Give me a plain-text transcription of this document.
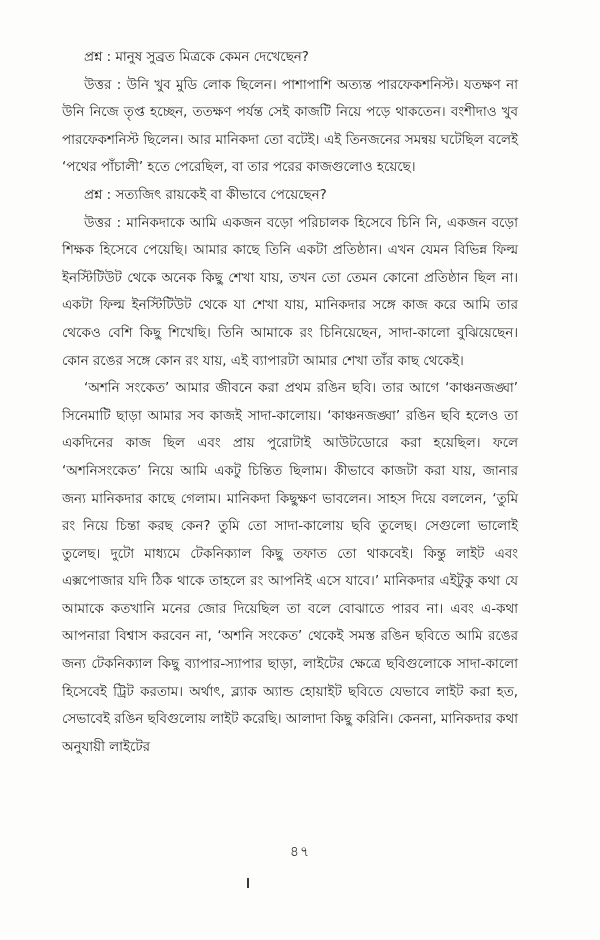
প্রশ্ন : মানুষ সুব্রত মিত্রকে কেমন দেখেছেন?

উত্তর : উনি খুব মুডি লোক ছিলেন। পাশাপাশি অত্যন্ত পারফেকশনিস্ট। যতক্ষণ না উনি নিজে তৃপ্ত হচ্ছেন, ততক্ষণ পর্যন্ত সেই কাজটি নিয়ে পড়ে থাকতেন। বংশীদাও খুব পারফেকশনিস্ট ছিলেন। আর মানিকদা তো বটেই। এই তিনজনের সমন্বয় ঘটেছিল বলেই ‘পথের পাঁচালী’ হতে পেরেছিল, বা তার পরের কাজগুলোও হয়েছে।

প্রশ্ন : সত্যজিৎ রায়কেই বা কীভাবে পেয়েছেন?

উত্তর : মানিকদাকে আমি একজন বড়ো পরিচালক হিসেবে চিনি নি, একজন বড়ো শিক্ষক হিসেবে পেয়েছি। আমার কাছে তিনি একটা প্রতিষ্ঠান। এখন যেমন বিভিন্ন ফিল্ম ইনস্টিটিউট থেকে অনেক কিছু শেখা যায়, তখন তো তেমন কোনো প্রতিষ্ঠান ছিল না। একটা ফিল্ম ইনস্টিটিউট থেকে যা শেখা যায়, মানিকদার সঙ্গে কাজ করে আমি তার থেকেও বেশি কিছু শিখেছি। তিনি আমাকে রং চিনিয়েছেন, সাদা-কালো বুঝিয়েছেন। কোন রঙের সঙ্গে কোন রং যায়, এই ব্যাপারটা আমার শেখা তাঁর কাছ থেকেই।

‘অশনি সংকেত’ আমার জীবনে করা প্রথম রঙিন ছবি। তার আগে ‘কাঞ্চনজঙ্ঘা’ সিনেমাটি ছাড়া আমার সব কাজই সাদা-কালোয়। ‘কাঞ্চনজঙ্ঘা’ রঙিন ছবি হলেও তা একদিনের কাজ ছিল এবং প্রায় পুরোটাই আউটডোরে করা হয়েছিল। ফলে ‘অশনিসংকেত’ নিয়ে আমি একটু চিন্তিত ছিলাম। কীভাবে কাজটা করা যায়, জানার জন্য মানিকদার কাছে গেলাম। মানিকদা কিছুক্ষণ ভাবলেন। সাহস দিয়ে বললেন, ‘তুমি রং নিয়ে চিন্তা করছ কেন? তুমি তো সাদা-কালোয় ছবি তুলেছ। সেগুলো ভালোই তুলেছ। দুটো মাধ্যমে টেকনিক্যাল কিছু তফাত তো থাকবেই। কিন্তু লাইট এবং এক্সপোজার যদি ঠিক থাকে তাহলে রং আপনিই এসে যাবে।’ মানিকদার এইটুকু কথা যে আমাকে কতখানি মনের জোর দিয়েছিল তা বলে বোঝাতে পারব না। এবং এ-কথা আপনারা বিশ্বাস করবেন না, ‘অশনি সংকেত’ থেকেই সমস্ত রঙিন ছবিতে আমি রঙের জন্য টেকনিক্যাল কিছু ব্যাপার-স্যাপার ছাড়া, লাইটের ক্ষেত্রে ছবিগুলোকে সাদা-কালো হিসেবেই ট্রিট করতাম। অর্থাৎ, ব্ল্যাক অ্যান্ড হোয়াইট ছবিতে যেভাবে লাইট করা হত, সেভাবেই রঙিন ছবিগুলোয় লাইট করেছি। আলাদা কিছু করিনি। কেননা, মানিকদার কথা অনুযায়ী লাইটের

৪৭
